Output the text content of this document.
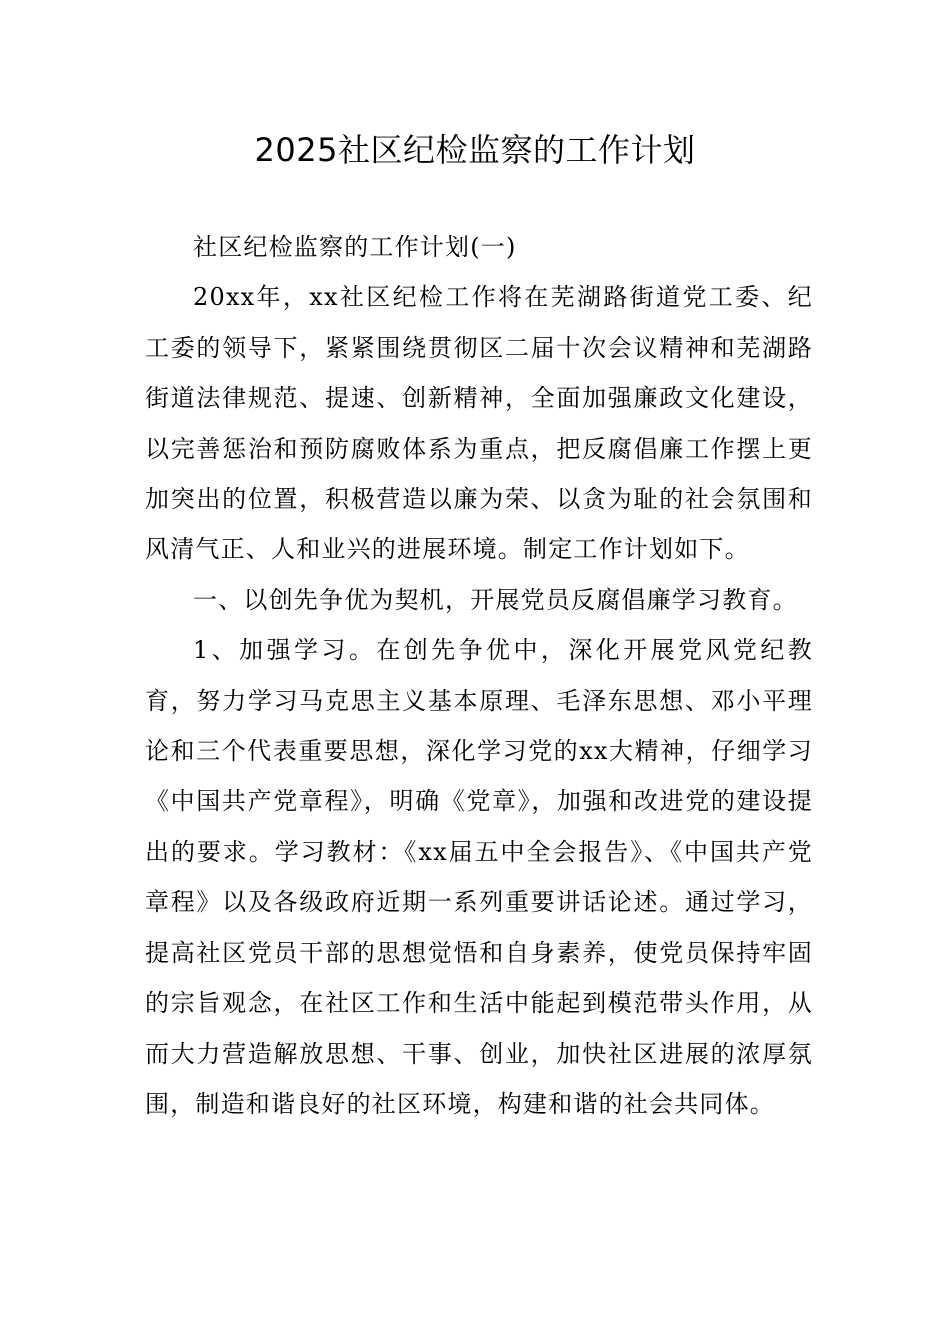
2025社区纪检监察的工作计划

社区纪检监察的工作计划(一)

20xx年，xx社区纪检工作将在芜湖路街道党工委、纪工委的领导下，紧紧围绕贯彻区二届十次会议精神和芜湖路街道法律规范、提速、创新精神，全面加强廉政文化建设，以完善惩治和预防腐败体系为重点，把反腐倡廉工作摆上更加突出的位置，积极营造以廉为荣、以贪为耻的社会氛围和风清气正、人和业兴的进展环境。制定工作计划如下。

一、以创先争优为契机，开展党员反腐倡廉学习教育。

1、加强学习。在创先争优中，深化开展党风党纪教育，努力学习马克思主义基本原理、毛泽东思想、邓小平理论和三个代表重要思想，深化学习党的xx大精神，仔细学习《中国共产党章程》，明确《党章》，加强和改进党的建设提出的要求。学习教材：《xx届五中全会报告》、《中国共产党章程》以及各级政府近期一系列重要讲话论述。通过学习，提高社区党员干部的思想觉悟和自身素养，使党员保持牢固的宗旨观念，在社区工作和生活中能起到模范带头作用，从而大力营造解放思想、干事、创业，加快社区进展的浓厚氛围，制造和谐良好的社区环境，构建和谐的社会共同体。
